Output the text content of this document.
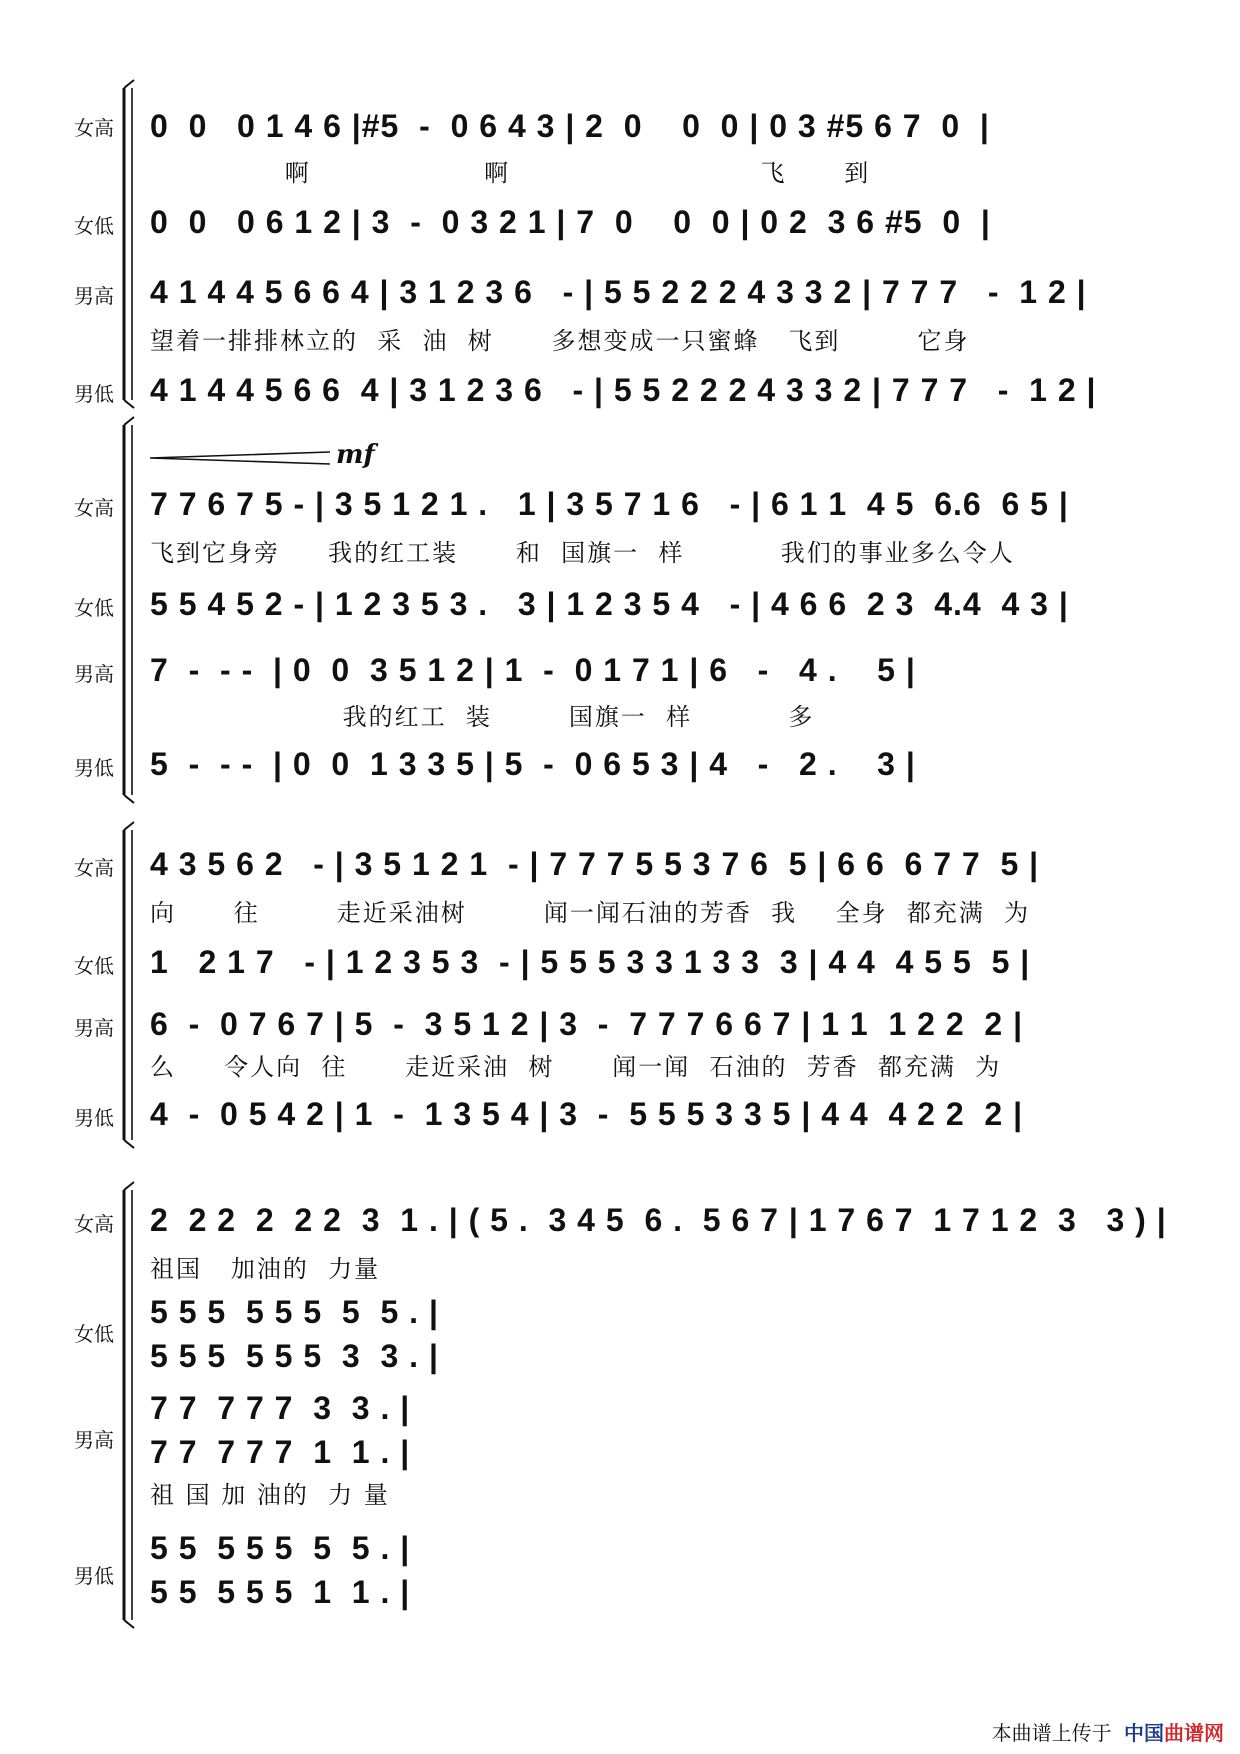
mf
女高 0  0   0 1 4 6 |#5  -  0 6 4 3 | 2  0    0  0 | 0 3 #5 6 7  0  |
啊                  啊                          飞      到
女低 0  0   0 6 1 2 | 3  -  0 3 2 1 | 7  0    0  0 | 0 2  3 6 #5  0  |
男高 4 1 4 4 5 6 6 4 | 3 1 2 3 6   - | 5 5 2 2 2 4 3 3 2 | 7 7 7   -  1 2 |
望着一排排林立的  采  油  树      多想变成一只蜜蜂   飞到        它身
男低 4 1 4 4 5 6 6  4 | 3 1 2 3 6   - | 5 5 2 2 2 4 3 3 2 | 7 7 7   -  1 2 |
女高 7 7 6 7 5 - | 3 5 1 2 1 .   1 | 3 5 7 1 6   - | 6 1 1  4 5  6.6  6 5 |
飞到它身旁     我的红工装      和  国旗一  样          我们的事业多么令人
女低 5 5 4 5 2 - | 1 2 3 5 3 .   3 | 1 2 3 5 4   - | 4 6 6  2 3  4.4  4 3 |
男高 7  -  - -  | 0  0  3 5 1 2 | 1  -  0 1 7 1 | 6   -   4 .    5 |
我的红工  装        国旗一  样          多
男低 5  -  - -  | 0  0  1 3 3 5 | 5  -  0 6 5 3 | 4   -   2 .    3 |
女高 4 3 5 6 2   - | 3 5 1 2 1  - | 7 7 7 5 5 3 7 6  5 | 6 6  6 7 7  5 |
向      往        走近采油树        闻一闻石油的芳香  我    全身  都充满  为
女低 1   2 1 7   - | 1 2 3 5 3  - | 5 5 5 3 3 1 3 3  3 | 4 4  4 5 5  5 |
男高 6  -  0 7 6 7 | 5  -  3 5 1 2 | 3  -  7 7 7 6 6 7 | 1 1  1 2 2  2 |
么     令人向  往      走近采油  树      闻一闻  石油的  芳香  都充满  为
男低 4  -  0 5 4 2 | 1  -  1 3 5 4 | 3  -  5 5 5 3 3 5 | 4 4  4 2 2  2 |
女高 2  2 2  2  2 2  3  1 . | ( 5 .  3 4 5  6 .  5 6 7 | 1 7 6 7  1 7 1 2  3   3 ) |
祖国   加油的  力量
女低
5 5 5  5 5 5  5  5 . |
5 5 5  5 5 5  3  3 . |
男高
7 7  7 7 7  3  3 . |
7 7  7 7 7  1  1 . |
祖 国 加 油的  力 量
男低
5 5  5 5 5  5  5 . |
5 5  5 5 5  1  1 . |
本曲谱上传于 中国曲谱网
